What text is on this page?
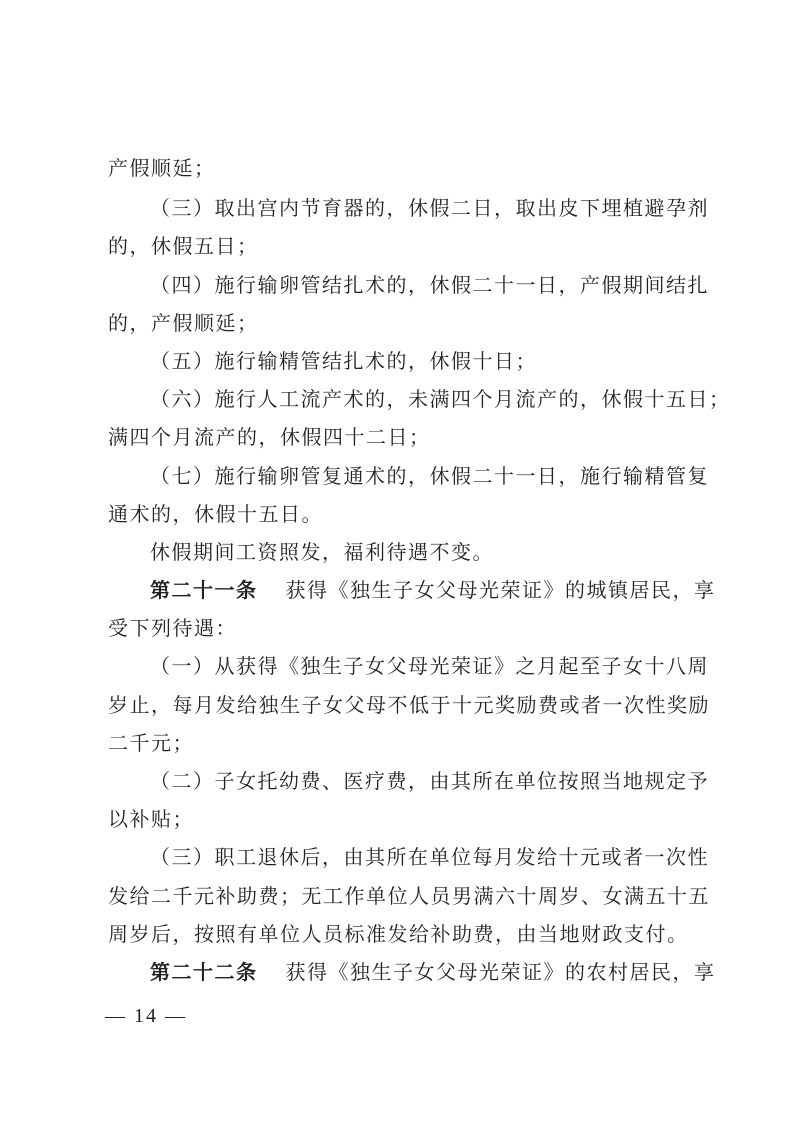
产假顺延；
（三）取出宫内节育器的，休假二日，取出皮下埋植避孕剂
的，休假五日；
（四）施行输卵管结扎术的，休假二十一日，产假期间结扎
的，产假顺延；
（五）施行输精管结扎术的，休假十日；
（六）施行人工流产术的，未满四个月流产的，休假十五日；
满四个月流产的，休假四十二日；
（七）施行输卵管复通术的，休假二十一日，施行输精管复
通术的，休假十五日。
休假期间工资照发，福利待遇不变。
第二十一条 获得《独生子女父母光荣证》的城镇居民，享
受下列待遇：
（一）从获得《独生子女父母光荣证》之月起至子女十八周
岁止，每月发给独生子女父母不低于十元奖励费或者一次性奖励
二千元；
（二）子女托幼费、医疗费，由其所在单位按照当地规定予
以补贴；
（三）职工退休后，由其所在单位每月发给十元或者一次性
发给二千元补助费；无工作单位人员男满六十周岁、女满五十五
周岁后，按照有单位人员标准发给补助费，由当地财政支付。
第二十二条 获得《独生子女父母光荣证》的农村居民，享
— 14 —
